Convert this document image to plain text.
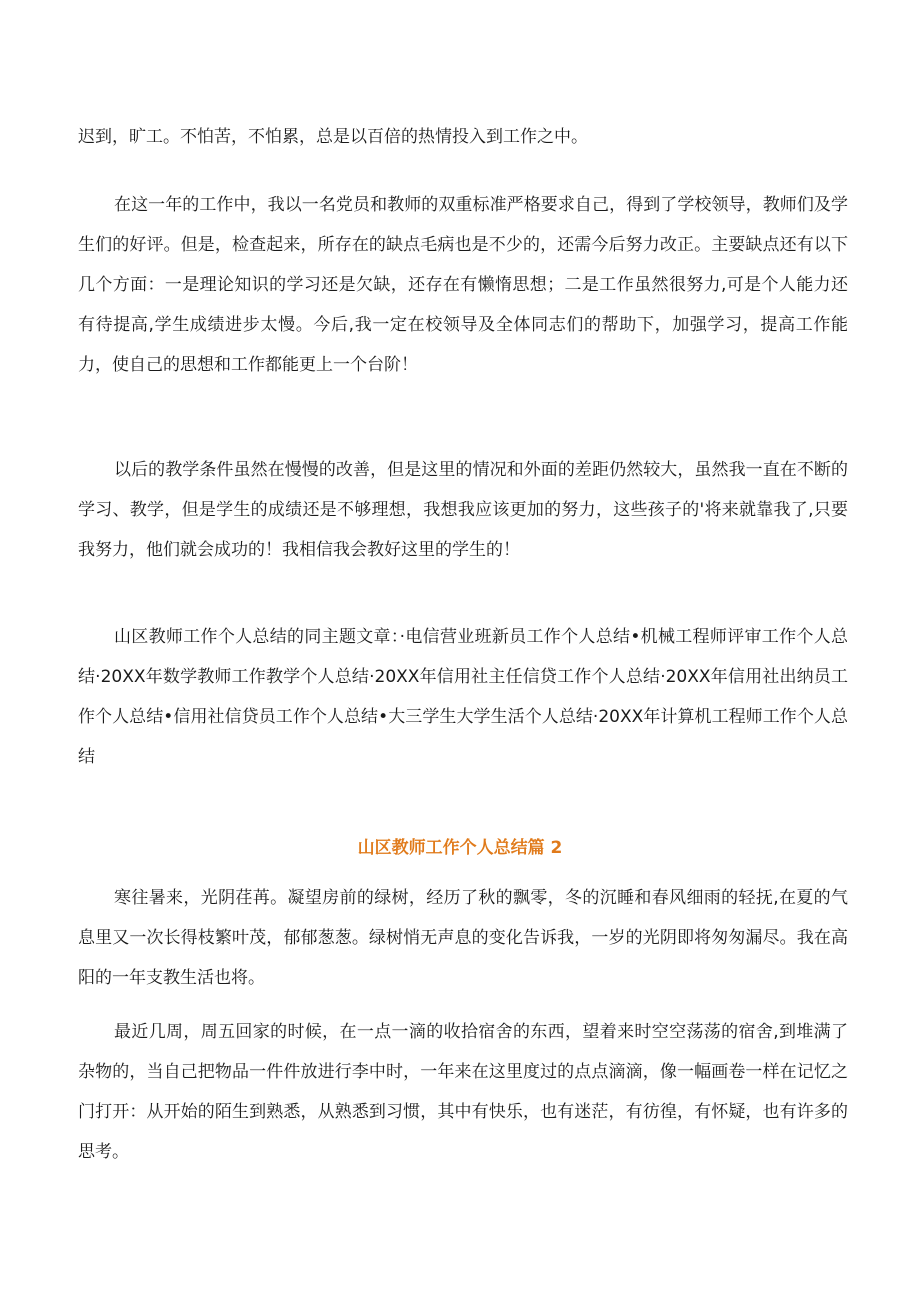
迟到，旷工。不怕苦，不怕累，总是以百倍的热情投入到工作之中。

在这一年的工作中，我以一名党员和教师的双重标准严格要求自己，得到了学校领导，教师们及学生们的好评。但是，检查起来，所存在的缺点毛病也是不少的，还需今后努力改正。主要缺点还有以下几个方面：一是理论知识的学习还是欠缺，还存在有懒惰思想；二是工作虽然很努力,可是个人能力还有待提高,学生成绩进步太慢。今后,我一定在校领导及全体同志们的帮助下，加强学习，提高工作能力，使自己的思想和工作都能更上一个台阶！

以后的教学条件虽然在慢慢的改善，但是这里的情况和外面的差距仍然较大，虽然我一直在不断的学习、教学，但是学生的成绩还是不够理想，我想我应该更加的努力，这些孩子的'将来就靠我了,只要我努力，他们就会成功的！我相信我会教好这里的学生的！

山区教师工作个人总结的同主题文章：·电信营业班新员工作个人总结•机械工程师评审工作个人总结·20XX年数学教师工作教学个人总结·20XX年信用社主任信贷工作个人总结·20XX年信用社出纳员工作个人总结•信用社信贷员工作个人总结•大三学生大学生活个人总结·20XX年计算机工程师工作个人总结

山区教师工作个人总结篇 2

寒往暑来，光阴荏苒。凝望房前的绿树，经历了秋的飘零，冬的沉睡和春风细雨的轻抚,在夏的气息里又一次长得枝繁叶茂，郁郁葱葱。绿树悄无声息的变化告诉我，一岁的光阴即将匆匆漏尽。我在高阳的一年支教生活也将。

最近几周，周五回家的时候，在一点一滴的收拾宿舍的东西，望着来时空空荡荡的宿舍,到堆满了杂物的，当自己把物品一件件放进行李中时，一年来在这里度过的点点滴滴，像一幅画卷一样在记忆之门打开：从开始的陌生到熟悉，从熟悉到习惯，其中有快乐，也有迷茫，有彷徨，有怀疑，也有许多的思考。
